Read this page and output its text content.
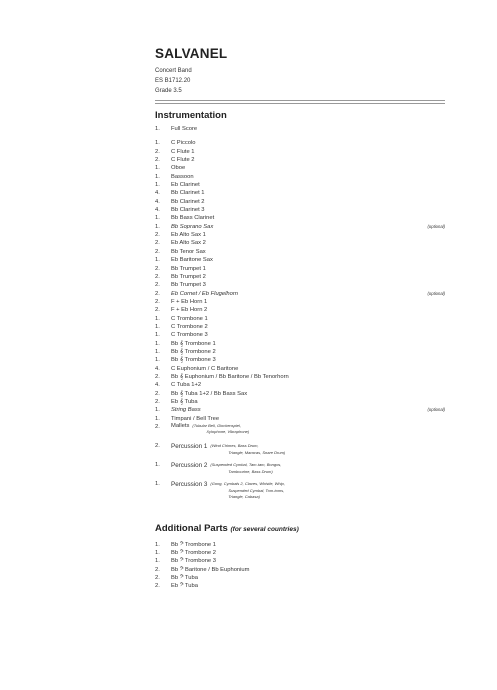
SALVANEL
Concert Band
ES B1712.20
Grade 3.5
Instrumentation
1.	Full Score
1.	C Piccolo
2.	C Flute 1
2.	C Flute 2
1.	Oboe
1.	Bassoon
1.	Eb Clarinet
4.	Bb Clarinet 1
4.	Bb Clarinet 2
4.	Bb Clarinet 3
1.	Bb Bass Clarinet
1.	Bb Soprano Sax	(optional)
2.	Eb Alto Sax 1
2.	Eb Alto Sax 2
2.	Bb Tenor Sax
1.	Eb Baritone Sax
2.	Bb Trumpet 1
2.	Bb Trumpet 2
2.	Bb Trumpet 3
2.	Eb Cornet / Eb Flugelhorn	(optional)
2.	F + Eb Horn 1
2.	F + Eb Horn 2
1.	C Trombone 1
1.	C Trombone 2
1.	C Trombone 3
1.	Bb 𝄞 Trombone 1
1.	Bb 𝄞 Trombone 2
1.	Bb 𝄞 Trombone 3
4.	C Euphonium / C Baritone
2.	Bb 𝄞 Euphonium / Bb Baritone / Bb Tenorhorn
4.	C Tuba 1+2
2.	Bb 𝄞 Tuba 1+2 / Bb Bass Sax
2.	Eb 𝄞 Tuba
1.	String Bass	(optional)
1.	Timpani / Bell Tree
2.	Mallets (Tubular Bell, Glockenspiel,
Xylophone, Vibraphone)
2.	Percussion 1 (Wind Chimes, Bass Drum,
Triangle, Maracas, Snare Drum)
1.	Percussion 2 (Suspended Cymbal, Tam-tam, Bongos,
Tambourine, Bass Drum)
1.	Percussion 3 (Gong, Cymbals 2, Claves, Whistle, Whip,
Suspended Cymbal, Tom-toms,
Triangle, Cabasa)
Additional Parts (for several countries)
1.	Bb 𝄢 Trombone 1
1.	Bb 𝄢 Trombone 2
1.	Bb 𝄢 Trombone 3
2.	Bb 𝄢 Baritone / Bb Euphonium
2.	Bb 𝄢 Tuba
2.	Eb 𝄢 Tuba
